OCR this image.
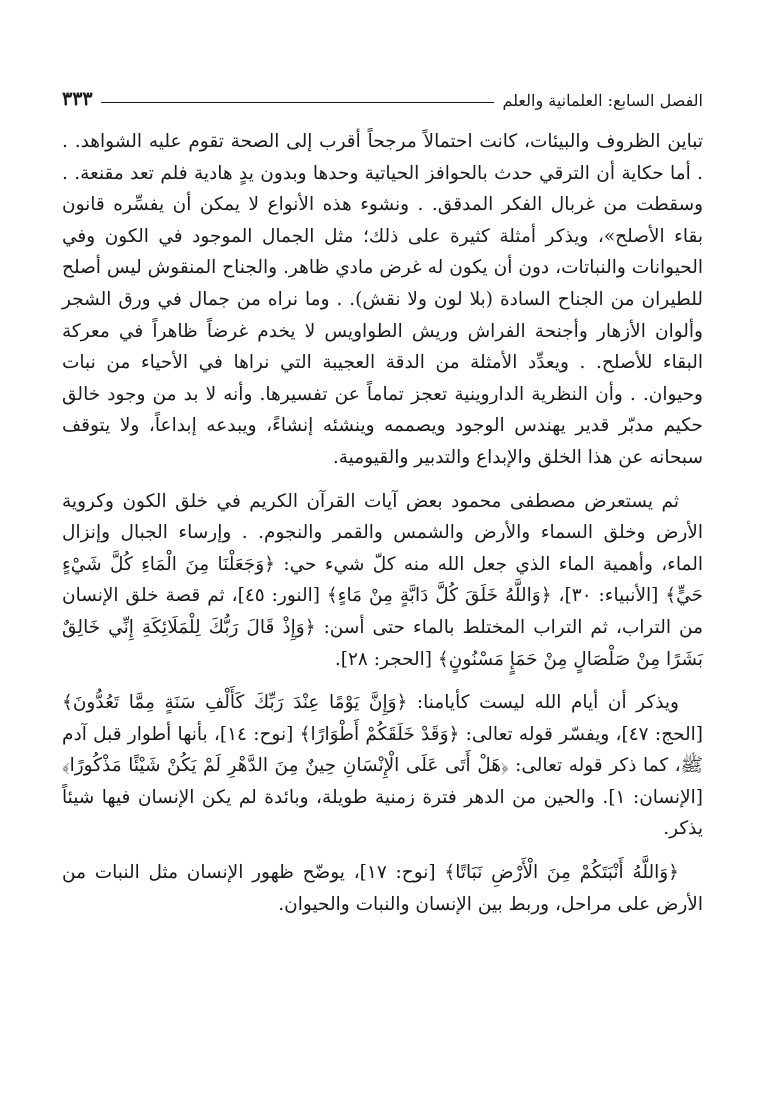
الفصل السابع: العلمانية والعلم
٣٣٣

تباين الظروف والبيئات، كانت احتمالاً مرجحاً أقرب إلى الصحة تقوم عليه الشواهد. . . أما حكاية أن الترقي حدث بالحوافز الحياتية وحدها وبدون يدٍ هادية فلم تعد مقنعة. . وسقطت من غربال الفكر المدقق. . ونشوء هذه الأنواع لا يمكن أن يفسِّره قانون بقاء الأصلح»، ويذكر أمثلة كثيرة على ذلك؛ مثل الجمال الموجود في الكون وفي الحيوانات والنباتات، دون أن يكون له غرض مادي ظاهر. والجناح المنقوش ليس أصلح للطيران من الجناح السادة (بلا لون ولا نقش). . وما نراه من جمال في ورق الشجر وألوان الأزهار وأجنحة الفراش وريش الطواويس لا يخدم غرضاً ظاهراً في معركة البقاء للأصلح. . ويعدِّد الأمثلة من الدقة العجيبة التي نراها في الأحياء من نبات وحيوان. . وأن النظرية الداروينية تعجز تماماً عن تفسيرها. وأنه لا بد من وجود خالق حكيم مدبّر قدير يهندس الوجود ويصممه وينشئه إنشاءً، ويبدعه إبداعاً، ولا يتوقف سبحانه عن هذا الخلق والإبداع والتدبير والقيومية.

ثم يستعرض مصطفى محمود بعض آيات القرآن الكريم في خلق الكون وكروية الأرض وخلق السماء والأرض والشمس والقمر والنجوم. . وإرساء الجبال وإنزال الماء، وأهمية الماء الذي جعل الله منه كلّ شيء حي: ﴿وَجَعَلْنَا مِنَ الْمَاءِ كُلَّ شَيْءٍ حَيٍّ﴾ [الأنبياء: ٣٠]، ﴿وَاللَّهُ خَلَقَ كُلَّ دَابَّةٍ مِنْ مَاءٍ﴾ [النور: ٤٥]، ثم قصة خلق الإنسان من التراب، ثم التراب المختلط بالماء حتى أسن: ﴿وَإِذْ قَالَ رَبُّكَ لِلْمَلَائِكَةِ إِنِّي خَالِقٌ بَشَرًا مِنْ صَلْصَالٍ مِنْ حَمَإٍ مَسْنُونٍ﴾ [الحجر: ٢٨].

ويذكر أن أيام الله ليست كأيامنا: ﴿وَإِنَّ يَوْمًا عِنْدَ رَبِّكَ كَأَلْفِ سَنَةٍ مِمَّا تَعُدُّونَ﴾ [الحج: ٤٧]، ويفسّر قوله تعالى: ﴿وَقَدْ خَلَقَكُمْ أَطْوَارًا﴾ [نوح: ١٤]، بأنها أطوار قبل آدم ﷺ، كما ذكر قوله تعالى: ﴿هَلْ أَتَى عَلَى الْإِنْسَانِ حِينٌ مِنَ الدَّهْرِ لَمْ يَكُنْ شَيْئًا مَذْكُورًا﴾ [الإنسان: ١]. والحين من الدهر فترة زمنية طويلة، وبائدة لم يكن الإنسان فيها شيئاً يذكر.

﴿وَاللَّهُ أَنْبَتَكُمْ مِنَ الْأَرْضِ نَبَاتًا﴾ [نوح: ١٧]، يوضّح ظهور الإنسان مثل النبات من الأرض على مراحل، وربط بين الإنسان والنبات والحيوان.
